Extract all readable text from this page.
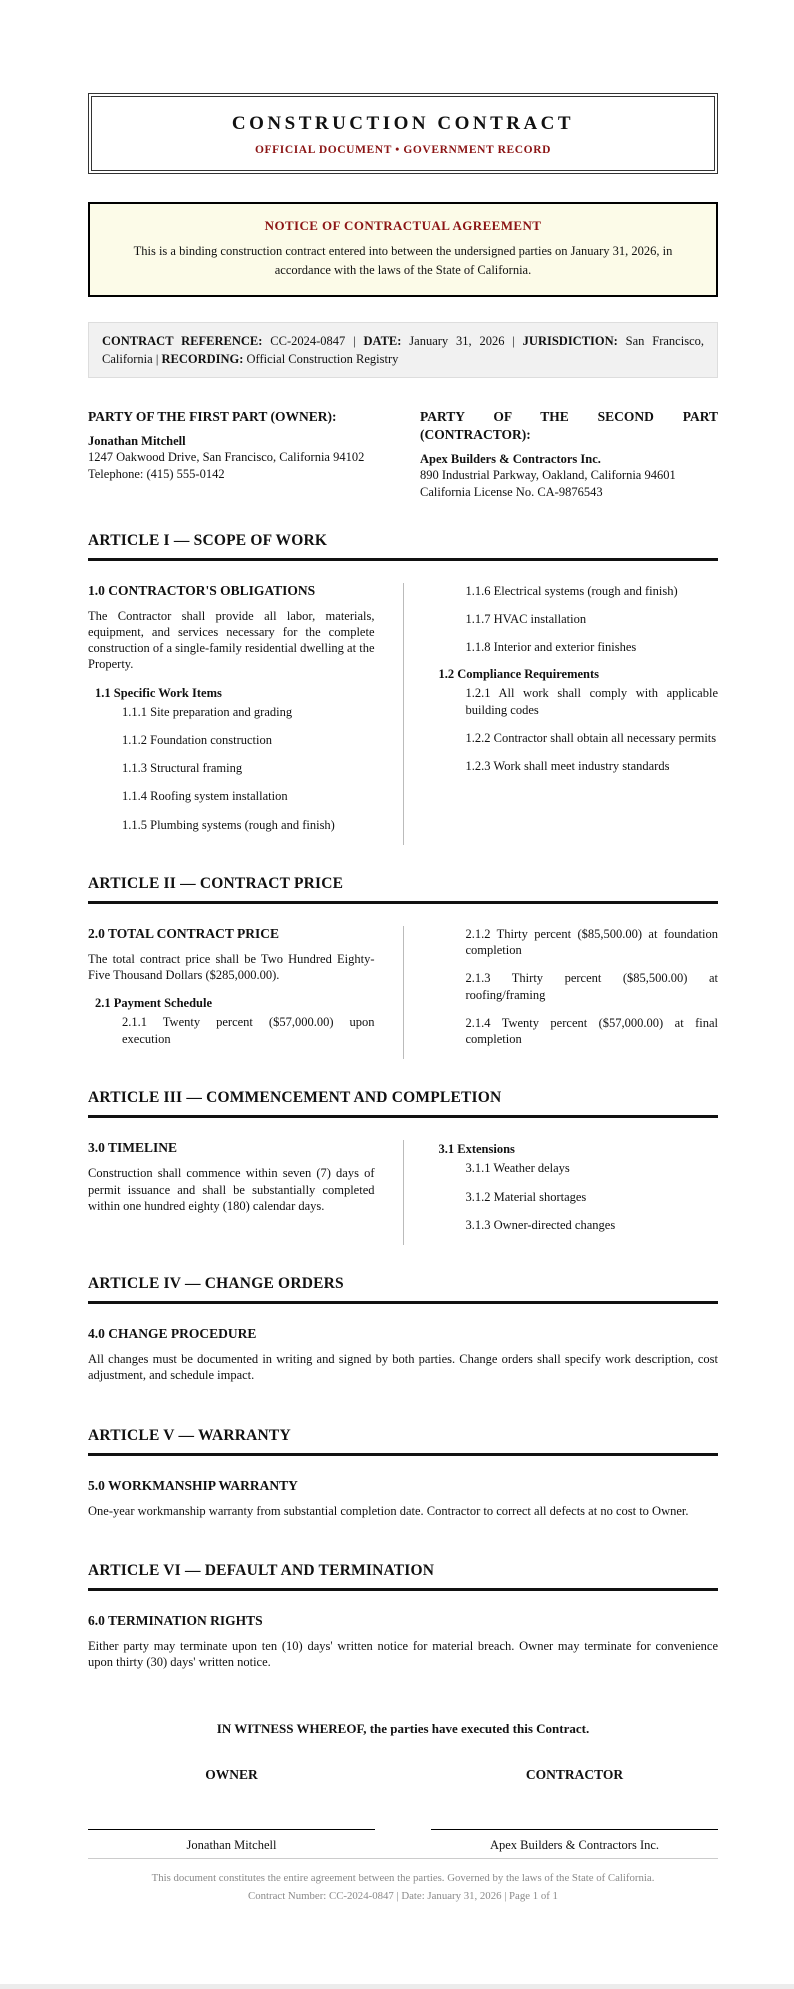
CONSTRUCTION CONTRACT
OFFICIAL DOCUMENT • GOVERNMENT RECORD
NOTICE OF CONTRACTUAL AGREEMENT
This is a binding construction contract entered into between the undersigned parties on January 31, 2026, in accordance with the laws of the State of California.
CONTRACT REFERENCE: CC-2024-0847 | DATE: January 31, 2026 | JURISDICTION: San Francisco, California | RECORDING: Official Construction Registry
PARTY OF THE FIRST PART (OWNER):
Jonathan Mitchell
1247 Oakwood Drive, San Francisco, California 94102
Telephone: (415) 555-0142
PARTY OF THE SECOND PART (CONTRACTOR):
Apex Builders & Contractors Inc.
890 Industrial Parkway, Oakland, California 94601
California License No. CA-9876543
ARTICLE I — SCOPE OF WORK
1.0 CONTRACTOR'S OBLIGATIONS
The Contractor shall provide all labor, materials, equipment, and services necessary for the complete construction of a single-family residential dwelling at the Property.
1.1 Specific Work Items
1.1.1 Site preparation and grading
1.1.2 Foundation construction
1.1.3 Structural framing
1.1.4 Roofing system installation
1.1.5 Plumbing systems (rough and finish)
1.1.6 Electrical systems (rough and finish)
1.1.7 HVAC installation
1.1.8 Interior and exterior finishes
1.2 Compliance Requirements
1.2.1 All work shall comply with applicable building codes
1.2.2 Contractor shall obtain all necessary permits
1.2.3 Work shall meet industry standards
ARTICLE II — CONTRACT PRICE
2.0 TOTAL CONTRACT PRICE
The total contract price shall be Two Hundred Eighty-Five Thousand Dollars ($285,000.00).
2.1 Payment Schedule
2.1.1 Twenty percent ($57,000.00) upon execution
2.1.2 Thirty percent ($85,500.00) at foundation completion
2.1.3 Thirty percent ($85,500.00) at roofing/framing
2.1.4 Twenty percent ($57,000.00) at final completion
ARTICLE III — COMMENCEMENT AND COMPLETION
3.0 TIMELINE
Construction shall commence within seven (7) days of permit issuance and shall be substantially completed within one hundred eighty (180) calendar days.
3.1 Extensions
3.1.1 Weather delays
3.1.2 Material shortages
3.1.3 Owner-directed changes
ARTICLE IV — CHANGE ORDERS
4.0 CHANGE PROCEDURE
All changes must be documented in writing and signed by both parties. Change orders shall specify work description, cost adjustment, and schedule impact.
ARTICLE V — WARRANTY
5.0 WORKMANSHIP WARRANTY
One-year workmanship warranty from substantial completion date. Contractor to correct all defects at no cost to Owner.
ARTICLE VI — DEFAULT AND TERMINATION
6.0 TERMINATION RIGHTS
Either party may terminate upon ten (10) days' written notice for material breach. Owner may terminate for convenience upon thirty (30) days' written notice.
IN WITNESS WHEREOF, the parties have executed this Contract.
OWNER
Jonathan Mitchell
CONTRACTOR
Apex Builders & Contractors Inc.
This document constitutes the entire agreement between the parties. Governed by the laws of the State of California.
Contract Number: CC-2024-0847 | Date: January 31, 2026 | Page 1 of 1
